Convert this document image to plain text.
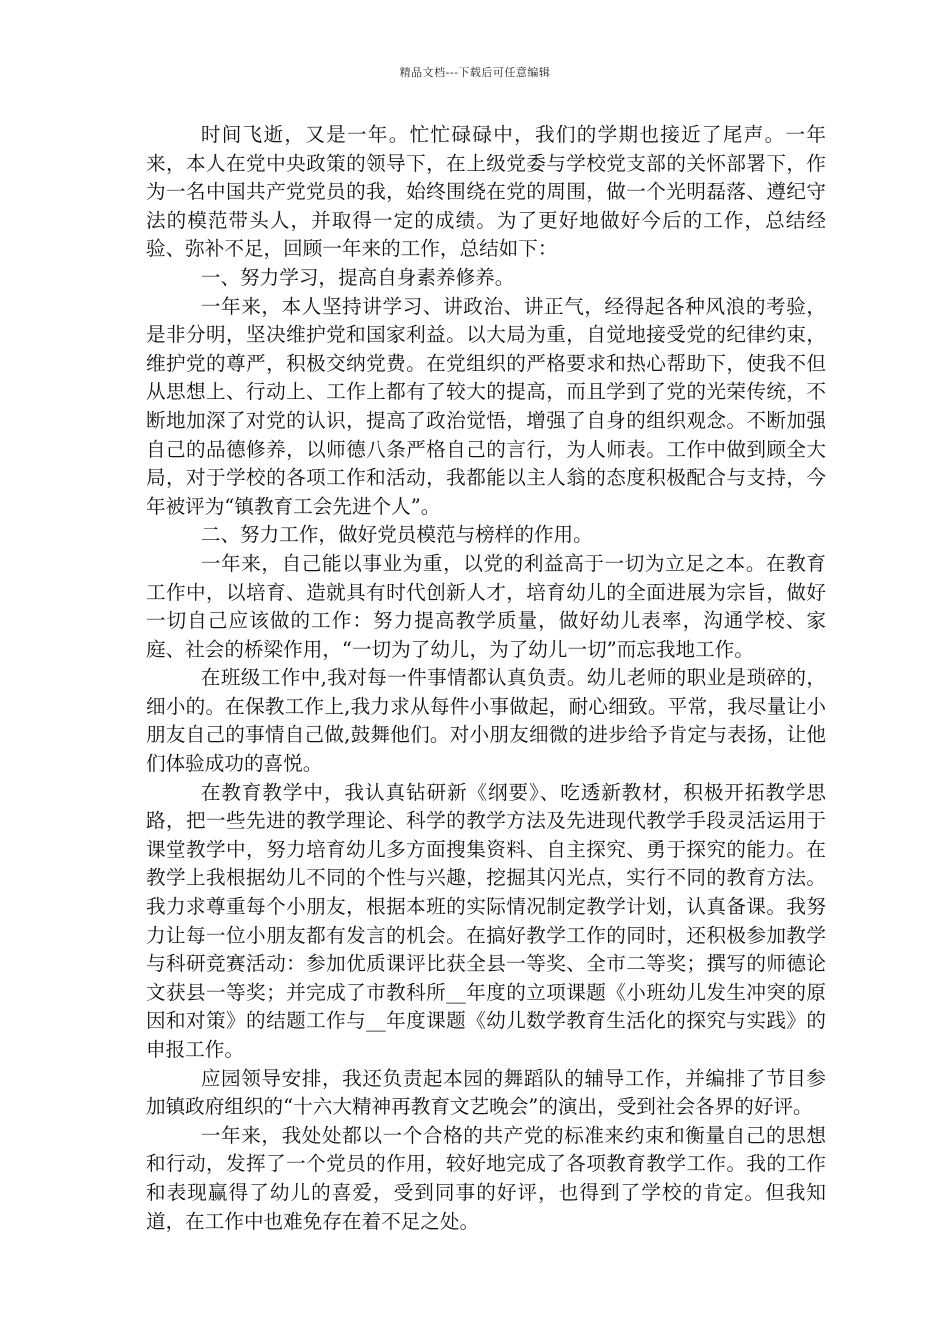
精品文档---下载后可任意编辑

时间飞逝，又是一年。忙忙碌碌中，我们的学期也接近了尾声。一年来，本人在党中央政策的领导下，在上级党委与学校党支部的关怀部署下，作为一名中国共产党党员的我，始终围绕在党的周围，做一个光明磊落、遵纪守法的模范带头人，并取得一定的成绩。为了更好地做好今后的工作，总结经验、弥补不足，回顾一年来的工作，总结如下：

一、努力学习，提高自身素养修养。

一年来，本人坚持讲学习、讲政治、讲正气，经得起各种风浪的考验，是非分明，坚决维护党和国家利益。以大局为重，自觉地接受党的纪律约束，维护党的尊严，积极交纳党费。在党组织的严格要求和热心帮助下，使我不但从思想上、行动上、工作上都有了较大的提高，而且学到了党的光荣传统，不断地加深了对党的认识，提高了政治觉悟，增强了自身的组织观念。不断加强自己的品德修养，以师德八条严格自己的言行，为人师表。工作中做到顾全大局，对于学校的各项工作和活动，我都能以主人翁的态度积极配合与支持，今年被评为“镇教育工会先进个人”。

二、努力工作，做好党员模范与榜样的作用。

一年来，自己能以事业为重，以党的利益高于一切为立足之本。在教育工作中，以培育、造就具有时代创新人才，培育幼儿的全面进展为宗旨，做好一切自己应该做的工作：努力提高教学质量，做好幼儿表率，沟通学校、家庭、社会的桥梁作用，“一切为了幼儿，为了幼儿一切”而忘我地工作。

在班级工作中,我对每一件事情都认真负责。幼儿老师的职业是琐碎的，细小的。在保教工作上,我力求从每件小事做起，耐心细致。平常，我尽量让小朋友自己的事情自己做,鼓舞他们。对小朋友细微的进步给予肯定与表扬，让他们体验成功的喜悦。

在教育教学中，我认真钻研新《纲要》、吃透新教材，积极开拓教学思路，把一些先进的教学理论、科学的教学方法及先进现代教学手段灵活运用于课堂教学中，努力培育幼儿多方面搜集资料、自主探究、勇于探究的能力。在教学上我根据幼儿不同的个性与兴趣，挖掘其闪光点，实行不同的教育方法。我力求尊重每个小朋友，根据本班的实际情况制定教学计划，认真备课。我努力让每一位小朋友都有发言的机会。在搞好教学工作的同时，还积极参加教学与科研竞赛活动：参加优质课评比获全县一等奖、全市二等奖；撰写的师德论文获县一等奖；并完成了市教科所__年度的立项课题《小班幼儿发生冲突的原因和对策》的结题工作与__年度课题《幼儿数学教育生活化的探究与实践》的申报工作。

应园领导安排，我还负责起本园的舞蹈队的辅导工作，并编排了节目参加镇政府组织的“十六大精神再教育文艺晚会”的演出，受到社会各界的好评。

一年来，我处处都以一个合格的共产党的标准来约束和衡量自己的思想和行动，发挥了一个党员的作用，较好地完成了各项教育教学工作。我的工作和表现赢得了幼儿的喜爱，受到同事的好评，也得到了学校的肯定。但我知道，在工作中也难免存在着不足之处。
